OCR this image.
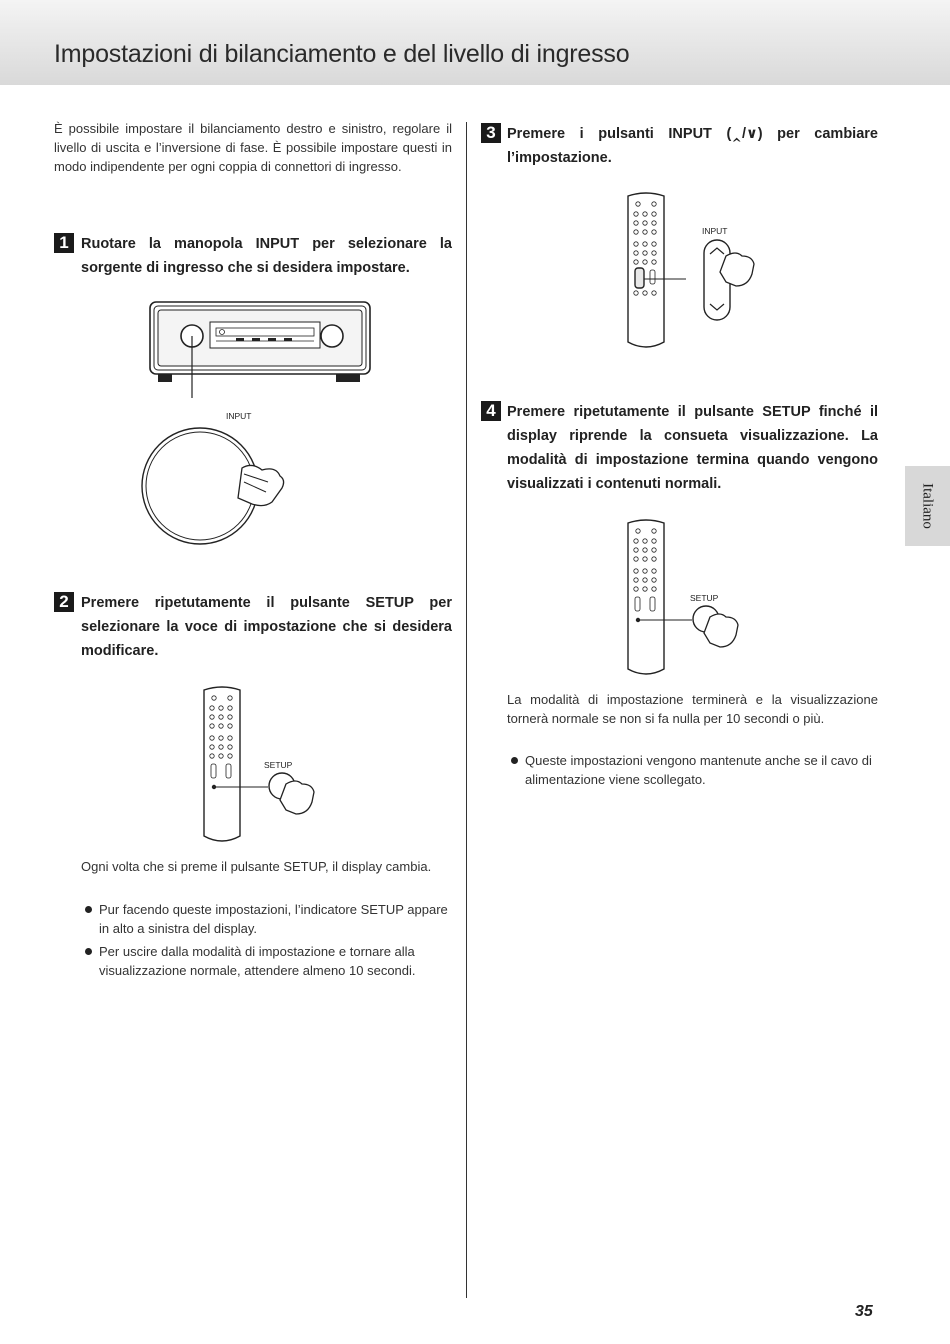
Impostazioni di bilanciamento e del livello di ingresso

È possibile impostare il bilanciamento destro e sinistro, regolare il livello di uscita e l’inversione di fase. È possibile impostare questi in modo indipendente per ogni coppia di connettori di ingresso.

1 Ruotare la manopola INPUT per selezionare la sorgente di ingresso che si desidera impostare.

INPUT
2 Premere ripetutamente il pulsante SETUP per selezionare la voce di impostazione che si desidera modificare.

SETUP

Ogni volta che si preme il pulsante SETUP, il display cambia.

Pur facendo queste impostazioni, l’indicatore SETUP appare in alto a sinistra del display.
Per uscire dalla modalità di impostazione e tornare alla visualizzazione normale, attendere almeno 10 secondi.
3 Premere i pulsanti INPUT (‸/∨) per cambiare l’impostazione.

INPUT
4 Premere ripetutamente il pulsante SETUP finché il display riprende la consueta visualizzazione. La modalità di impostazione termina quando vengono visualizzati i contenuti normali.

SETUP

La modalità di impostazione terminerà e la visualizzazione tornerà normale se non si fa nulla per 10 secondi o più.

Queste impostazioni vengono mantenute anche se il cavo di alimentazione viene scollegato.
Italiano
35
